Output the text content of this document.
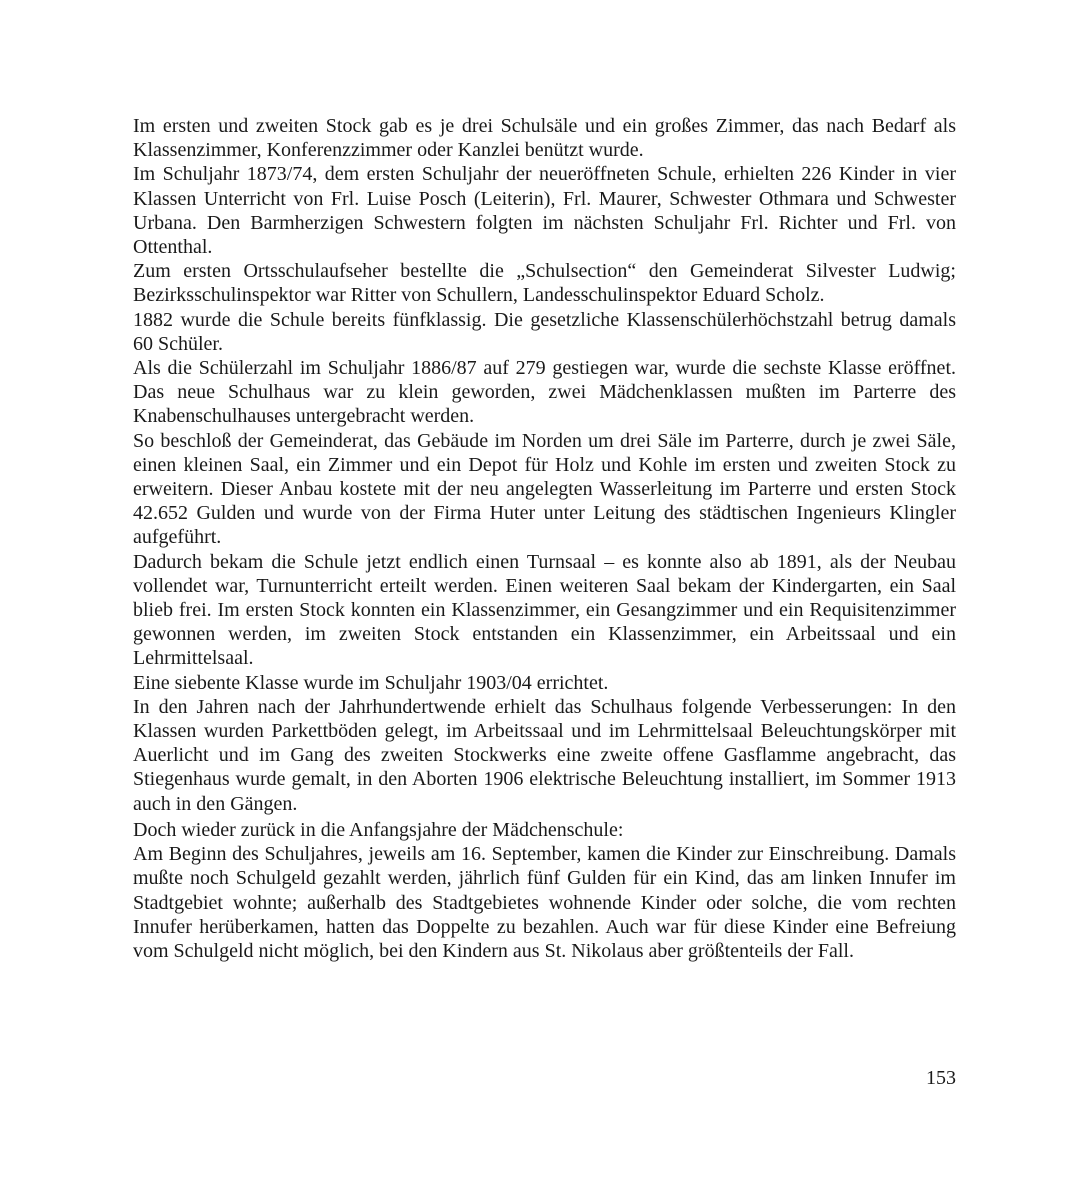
Im ersten und zweiten Stock gab es je drei Schulsäle und ein großes Zimmer, das nach Bedarf als Klassenzimmer, Konferenzzimmer oder Kanzlei benützt wurde.

Im Schuljahr 1873/74, dem ersten Schuljahr der neueröffneten Schule, erhielten 226 Kinder in vier Klassen Unterricht von Frl. Luise Posch (Leiterin), Frl. Maurer, Schwester Othmara und Schwester Urbana. Den Barmherzigen Schwestern folgten im nächsten Schuljahr Frl. Richter und Frl. von Ottenthal.

Zum ersten Ortsschulaufseher bestellte die „Schulsection“ den Gemeinderat Silvester Ludwig; Bezirksschulinspektor war Ritter von Schullern, Landesschulinspektor Eduard Scholz.

1882 wurde die Schule bereits fünfklassig. Die gesetzliche Klassenschülerhöchstzahl betrug damals 60 Schüler.

Als die Schülerzahl im Schuljahr 1886/87 auf 279 gestiegen war, wurde die sechste Klasse eröffnet. Das neue Schulhaus war zu klein geworden, zwei Mädchenklassen mußten im Parterre des Knabenschulhauses untergebracht werden.

So beschloß der Gemeinderat, das Gebäude im Norden um drei Säle im Parterre, durch je zwei Säle, einen kleinen Saal, ein Zimmer und ein Depot für Holz und Kohle im ersten und zweiten Stock zu erweitern. Dieser Anbau kostete mit der neu angelegten Wasserleitung im Parterre und ersten Stock 42.652 Gulden und wurde von der Firma Huter unter Leitung des städtischen Ingenieurs Klingler aufgeführt.

Dadurch bekam die Schule jetzt endlich einen Turnsaal – es konnte also ab 1891, als der Neubau vollendet war, Turnunterricht erteilt werden. Einen weiteren Saal bekam der Kindergarten, ein Saal blieb frei. Im ersten Stock konnten ein Klassenzimmer, ein Gesangzimmer und ein Requisitenzimmer gewonnen werden, im zweiten Stock entstanden ein Klassenzimmer, ein Arbeitssaal und ein Lehrmittelsaal.

Eine siebente Klasse wurde im Schuljahr 1903/04 errichtet.

In den Jahren nach der Jahrhundertwende erhielt das Schulhaus folgende Verbesserungen: In den Klassen wurden Parkettböden gelegt, im Arbeitssaal und im Lehrmittelsaal Beleuchtungskörper mit Auerlicht und im Gang des zweiten Stockwerks eine zweite offene Gasflamme angebracht, das Stiegenhaus wurde gemalt, in den Aborten 1906 elektrische Beleuchtung installiert, im Sommer 1913 auch in den Gängen.

Doch wieder zurück in die Anfangsjahre der Mädchenschule:

Am Beginn des Schuljahres, jeweils am 16. September, kamen die Kinder zur Einschreibung. Damals mußte noch Schulgeld gezahlt werden, jährlich fünf Gulden für ein Kind, das am linken Innufer im Stadtgebiet wohnte; außerhalb des Stadtgebietes wohnende Kinder oder solche, die vom rechten Innufer herüberkamen, hatten das Doppelte zu bezahlen. Auch war für diese Kinder eine Befreiung vom Schulgeld nicht möglich, bei den Kindern aus St. Nikolaus aber größtenteils der Fall.

153
